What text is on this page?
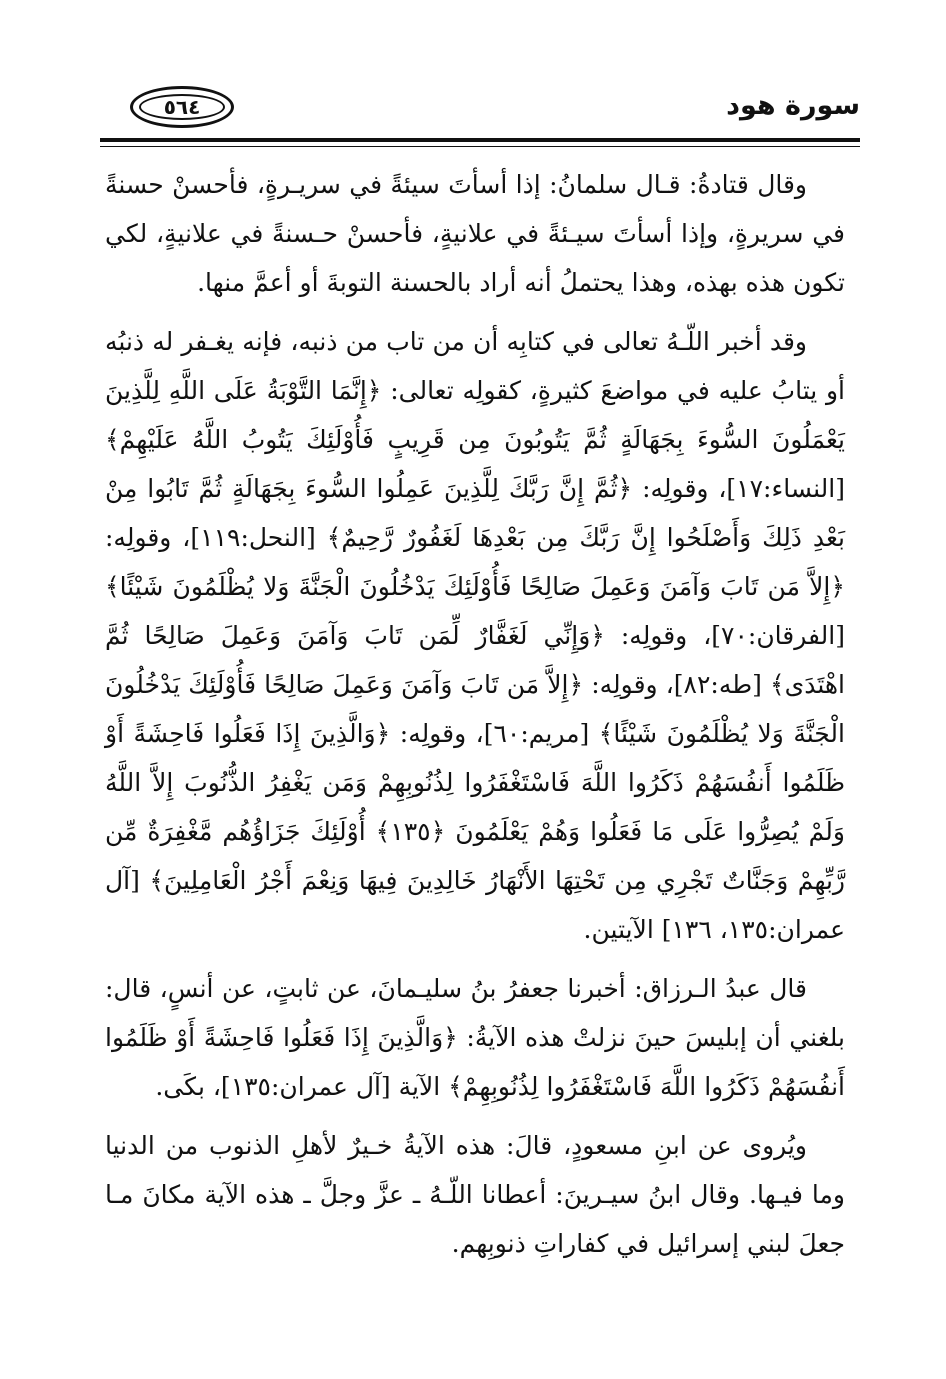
٥٦٤	سورة هود

وقال قتادةُ: قـال سلمانُ: إذا أسأتَ سيئةً في سريـرةٍ، فأحسنْ حسنةً في سريرةٍ، وإذا أسأتَ سيـئةً في علانيةٍ، فأحسنْ حـسنةً في علانيةٍ، لكي تكون هذه بهذه، وهذا يحتملُ أنه أراد بالحسنة التوبةَ أو أعمَّ منها.

وقد أخبر اللّـهُ تعالى في كتابِه أن من تاب من ذنبه، فإنه يغـفر له ذنبُه أو يتابُ عليه في مواضعَ كثيرةٍ، كقولِه تعالى: ﴿إِنَّمَا التَّوْبَةُ عَلَى اللَّهِ لِلَّذِينَ يَعْمَلُونَ السُّوءَ بِجَهَالَةٍ ثُمَّ يَتُوبُونَ مِن قَرِيبٍ فَأُوْلَئِكَ يَتُوبُ اللَّهُ عَلَيْهِمْ﴾ [النساء:١٧]، وقولِه: ﴿ثُمَّ إِنَّ رَبَّكَ لِلَّذِينَ عَمِلُوا السُّوءَ بِجَهَالَةٍ ثُمَّ تَابُوا مِنْ بَعْدِ ذَلِكَ وَأَصْلَحُوا إِنَّ رَبَّكَ مِن بَعْدِهَا لَغَفُورٌ رَّحِيمٌ﴾ [النحل:١١٩]، وقولِه: ﴿إِلاَّ مَن تَابَ وَآمَنَ وَعَمِلَ صَالِحًا فَأُوْلَئِكَ يَدْخُلُونَ الْجَنَّةَ وَلا يُظْلَمُونَ شَيْئًا﴾ [الفرقان:٧٠]، وقولِه: ﴿وَإِنِّي لَغَفَّارٌ لِّمَن تَابَ وَآمَنَ وَعَمِلَ صَالِحًا ثُمَّ اهْتَدَى﴾ [طه:٨٢]، وقولِه: ﴿إِلاَّ مَن تَابَ وَآمَنَ وَعَمِلَ صَالِحًا فَأُوْلَئِكَ يَدْخُلُونَ الْجَنَّةَ وَلا يُظْلَمُونَ شَيْئًا﴾ [مريم:٦٠]، وقولِه: ﴿وَالَّذِينَ إِذَا فَعَلُوا فَاحِشَةً أَوْ ظَلَمُوا أَنفُسَهُمْ ذَكَرُوا اللَّهَ فَاسْتَغْفَرُوا لِذُنُوبِهِمْ وَمَن يَغْفِرُ الذُّنُوبَ إِلاَّ اللَّهُ وَلَمْ يُصِرُّوا عَلَى مَا فَعَلُوا وَهُمْ يَعْلَمُونَ ﴿١٣٥﴾ أُوْلَئِكَ جَزَاؤُهُم مَّغْفِرَةٌ مِّن رَّبِّهِمْ وَجَنَّاتٌ تَجْرِي مِن تَحْتِهَا الأَنْهَارُ خَالِدِينَ فِيهَا وَنِعْمَ أَجْرُ الْعَامِلِينَ﴾ [آل عمران:١٣٥، ١٣٦] الآيتين.

قال عبدُ الـرزاق: أخبرنا جعفرُ بنُ سليـمانَ، عن ثابتٍ، عن أنسٍ، قال: بلغني أن إبليسَ حينَ نزلتْ هذه الآيةُ: ﴿وَالَّذِينَ إِذَا فَعَلُوا فَاحِشَةً أَوْ ظَلَمُوا أَنفُسَهُمْ ذَكَرُوا اللَّهَ فَاسْتَغْفَرُوا لِذُنُوبِهِمْ﴾ الآية [آل عمران:١٣٥]، بكَى.

ويُروى عن ابنِ مسعودٍ، قالَ: هذه الآيةُ خـيرٌ لأهلِ الذنوب من الدنيا وما فيـها. وقال ابنُ سيـرينَ: أعطانا اللّـهُ ـ عزَّ وجلَّ ـ هذه الآية مكانَ مـا جعلَ لبني إسرائيل في كفاراتِ ذنوبِهم.
